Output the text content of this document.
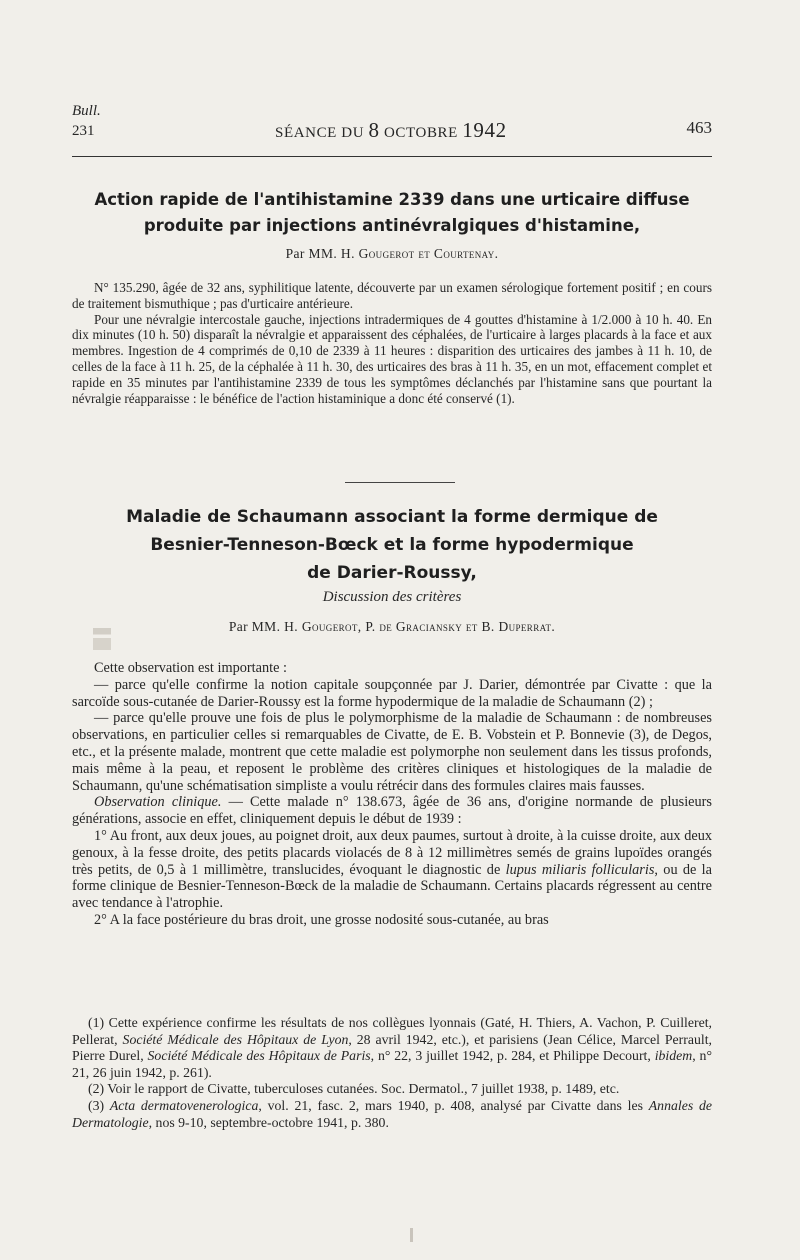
Bull.
231	SÉANCE DU 8 OCTOBRE 1942	463
Action rapide de l'antihistamine 2339 dans une urticaire diffuse
produite par injections antinévralgiques d'histamine,
Par MM. H. Gougerot et Courtenay.

N° 135.290, âgée de 32 ans, syphilitique latente, découverte par un examen sérologique fortement positif ; en cours de traitement bismuthique ; pas d'urticaire antérieure.

Pour une névralgie intercostale gauche, injections intradermiques de 4 gouttes d'histamine à 1/2.000 à 10 h. 40. En dix minutes (10 h. 50) disparaît la névralgie et apparaissent des céphalées, de l'urticaire à larges placards à la face et aux membres. Ingestion de 4 comprimés de 0,10 de 2339 à 11 heures : disparition des urticaires des jambes à 11 h. 10, de celles de la face à 11 h. 25, de la céphalée à 11 h. 30, des urticaires des bras à 11 h. 35, en un mot, effacement complet et rapide en 35 minutes par l'antihistamine 2339 de tous les symptômes déclanchés par l'histamine sans que pourtant la névralgie réapparaisse : le bénéfice de l'action histaminique a donc été conservé (1).

Maladie de Schaumann associant la forme dermique de
Besnier-Tenneson-Bœck et la forme hypodermique
de Darier-Roussy,
Discussion des critères
Par MM. H. Gougerot, P. de Graciansky et B. Duperrat.

Cette observation est importante :

— parce qu'elle confirme la notion capitale soupçonnée par J. Darier, démontrée par Civatte : que la sarcoïde sous-cutanée de Darier-Roussy est la forme hypodermique de la maladie de Schaumann (2) ;

— parce qu'elle prouve une fois de plus le polymorphisme de la maladie de Schaumann : de nombreuses observations, en particulier celles si remarquables de Civatte, de E. B. Vobstein et P. Bonnevie (3), de Degos, etc., et la présente malade, montrent que cette maladie est polymorphe non seulement dans les tissus profonds, mais même à la peau, et reposent le problème des critères cliniques et histologiques de la maladie de Schaumann, qu'une schématisation simpliste a voulu rétrécir dans des formules claires mais fausses.

Observation clinique. — Cette malade n° 138.673, âgée de 36 ans, d'origine normande de plusieurs générations, associe en effet, cliniquement depuis le début de 1939 :

1° Au front, aux deux joues, au poignet droit, aux deux paumes, surtout à droite, à la cuisse droite, aux deux genoux, à la fesse droite, des petits placards violacés de 8 à 12 millimètres semés de grains lupoïdes orangés très petits, de 0,5 à 1 millimètre, translucides, évoquant le diagnostic de lupus miliaris follicularis, ou de la forme clinique de Besnier-Tenneson-Bœck de la maladie de Schaumann. Certains placards régressent au centre avec tendance à l'atrophie.

2° A la face postérieure du bras droit, une grosse nodosité sous-cutanée, au bras

(1) Cette expérience confirme les résultats de nos collègues lyonnais (Gaté, H. Thiers, A. Vachon, P. Cuilleret, Pellerat, Société Médicale des Hôpitaux de Lyon, 28 avril 1942, etc.), et parisiens (Jean Célice, Marcel Perrault, Pierre Durel, Société Médicale des Hôpitaux de Paris, n° 22, 3 juillet 1942, p. 284, et Philippe Decourt, ibidem, n° 21, 26 juin 1942, p. 261).

(2) Voir le rapport de Civatte, tuberculoses cutanées. Soc. Dermatol., 7 juillet 1938, p. 1489, etc.

(3) Acta dermatovenerologica, vol. 21, fasc. 2, mars 1940, p. 408, analysé par Civatte dans les Annales de Dermatologie, nos 9-10, septembre-octobre 1941, p. 380.
